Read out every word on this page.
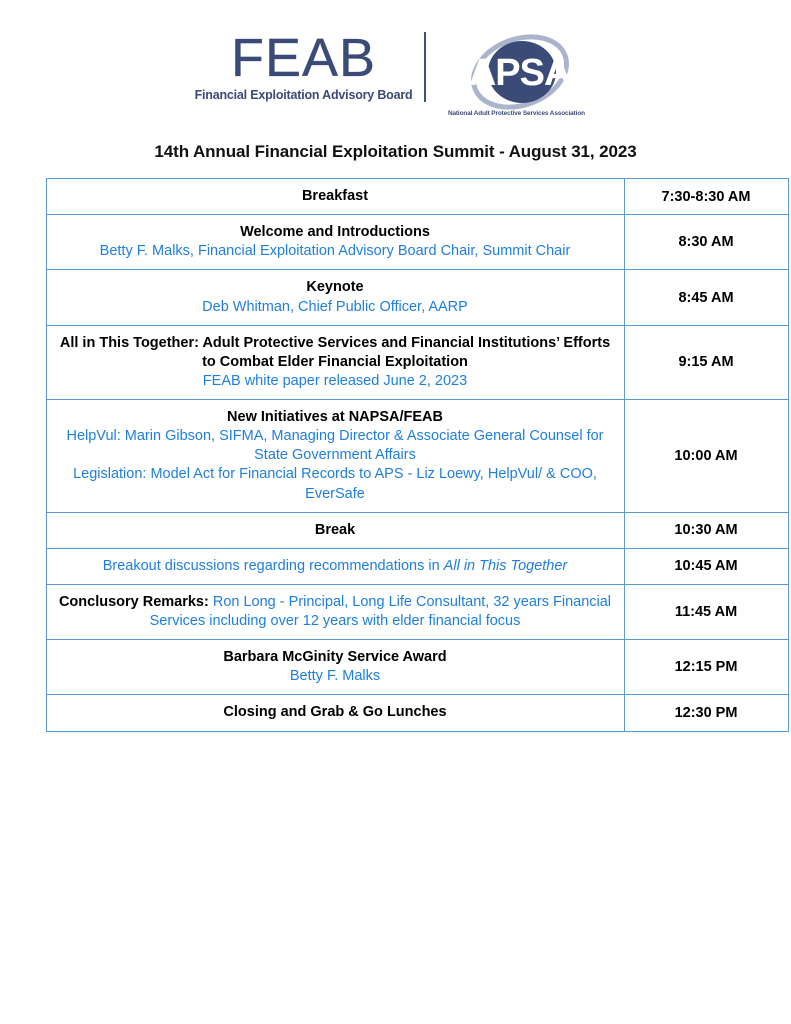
FEAB
Financial Exploitation Advisory Board
NAPSA
National Adult Protective Services Association
14th Annual Financial Exploitation Summit - August 31, 2023
Breakfast	7:30-8:30 AM
Welcome and Introductions
Betty F. Malks, Financial Exploitation Advisory Board Chair, Summit Chair	8:30 AM
Keynote
Deb Whitman, Chief Public Officer, AARP	8:45 AM
All in This Together: Adult Protective Services and Financial Institutions’ Efforts to Combat Elder Financial Exploitation
FEAB white paper released June 2, 2023	9:15 AM
New Initiatives at NAPSA/FEAB
HelpVul: Marin Gibson, SIFMA, Managing Director & Associate General Counsel for State Government Affairs
Legislation: Model Act for Financial Records to APS - Liz Loewy, HelpVul/ & COO, EverSafe	10:00 AM
Break	10:30 AM
Breakout discussions regarding recommendations in All in This Together	10:45 AM
Conclusory Remarks: Ron Long - Principal, Long Life Consultant, 32 years Financial Services including over 12 years with elder financial focus	11:45 AM
Barbara McGinity Service Award
Betty F. Malks	12:15 PM
Closing and Grab & Go Lunches	12:30 PM
